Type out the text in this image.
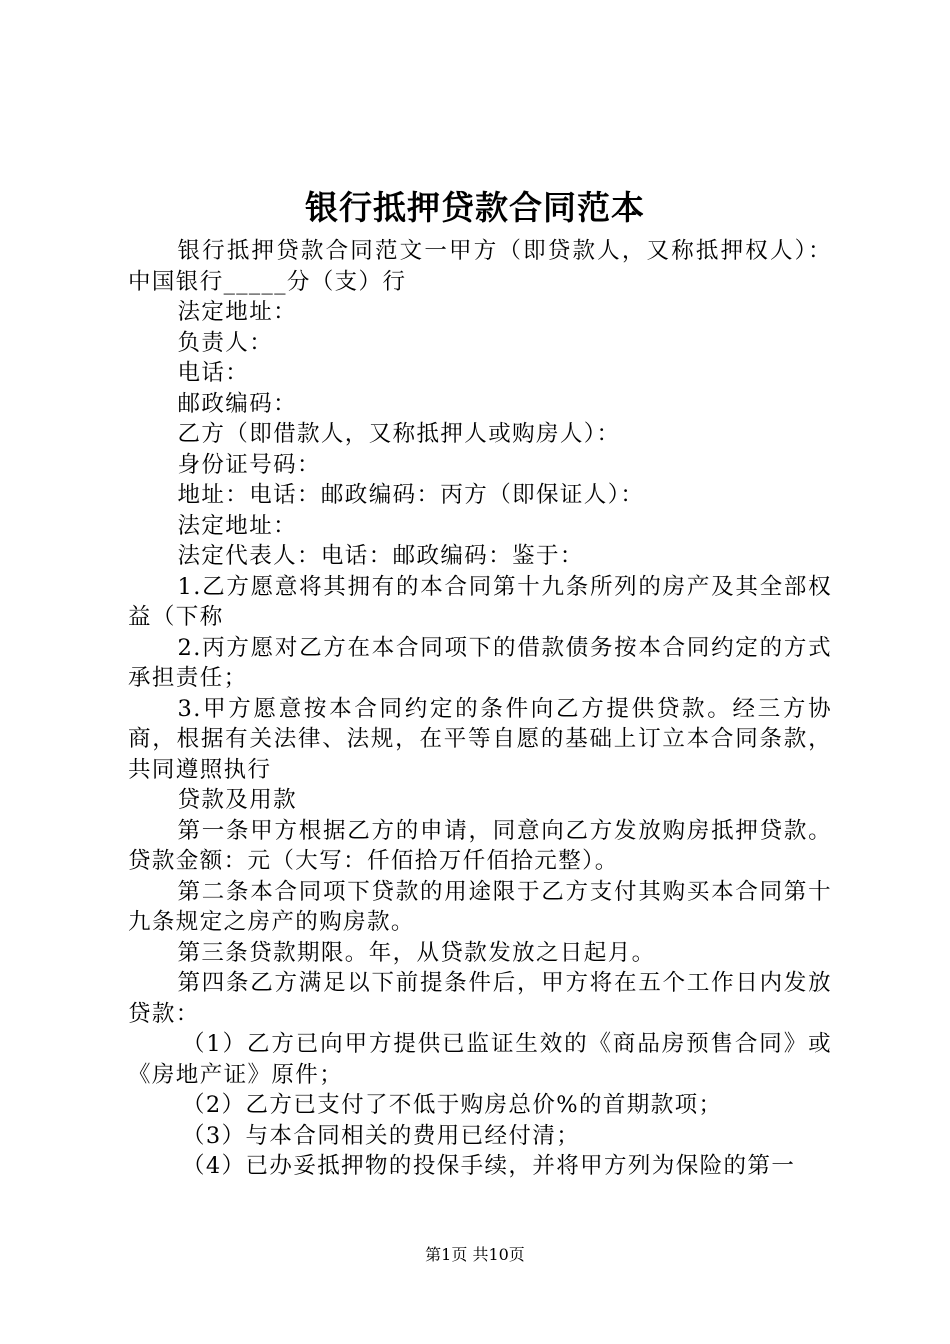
银行抵押贷款合同范本

银行抵押贷款合同范文一甲方（即贷款人，又称抵押权人）：中国银行_____分（支）行

法定地址：

负责人：

电话：

邮政编码：

乙方（即借款人，又称抵押人或购房人）：

身份证号码：

地址：电话：邮政编码：丙方（即保证人）：

法定地址：

法定代表人：电话：邮政编码：鉴于：

1.乙方愿意将其拥有的本合同第十九条所列的房产及其全部权益（下称

2.丙方愿对乙方在本合同项下的借款债务按本合同约定的方式承担责任；

3.甲方愿意按本合同约定的条件向乙方提供贷款。经三方协商，根据有关法律、法规，在平等自愿的基础上订立本合同条款，共同遵照执行

贷款及用款

第一条甲方根据乙方的申请，同意向乙方发放购房抵押贷款。贷款金额：元（大写：仟佰拾万仟佰拾元整）。

第二条本合同项下贷款的用途限于乙方支付其购买本合同第十九条规定之房产的购房款。

第三条贷款期限。年，从贷款发放之日起月。

第四条乙方满足以下前提条件后，甲方将在五个工作日内发放贷款：

（1）乙方已向甲方提供已监证生效的《商品房预售合同》或《房地产证》原件；

（2）乙方已支付了不低于购房总价%的首期款项；

（3）与本合同相关的费用已经付清；

（4）已办妥抵押物的投保手续，并将甲方列为保险的第一

第1页 共10页
